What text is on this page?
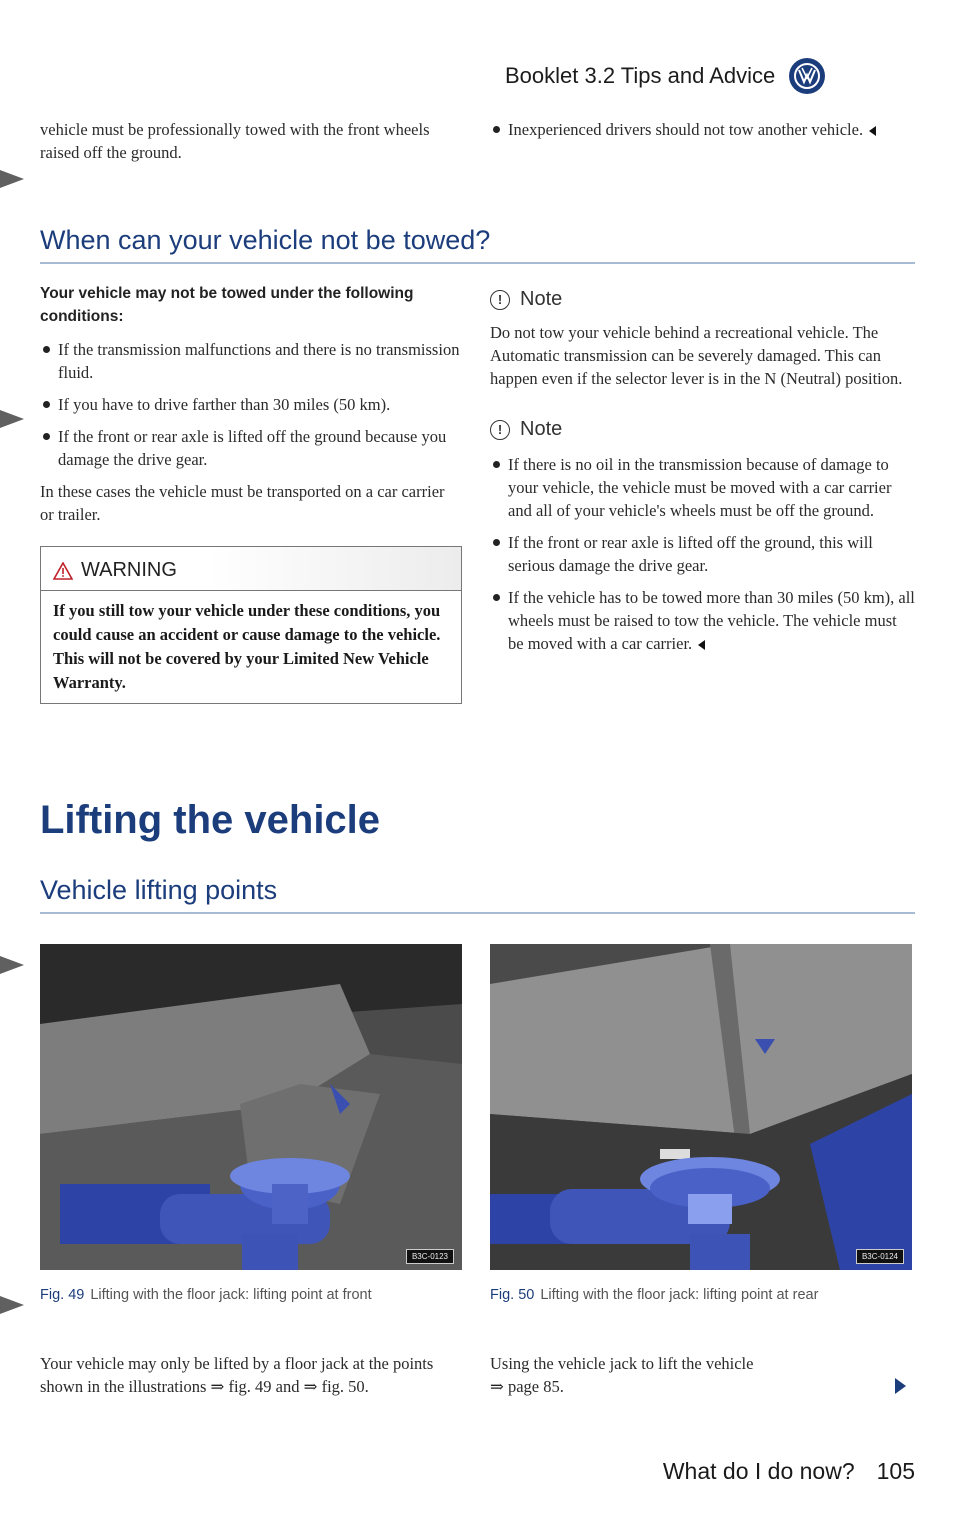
Booklet 3.2 Tips and Advice
vehicle must be professionally towed with the front wheels raised off the ground.
Inexperienced drivers should not tow another vehicle.
When can your vehicle not be towed?
Your vehicle may not be towed under the following conditions:
If the transmission malfunctions and there is no transmission fluid.
If you have to drive farther than 30 miles (50 km).
If the front or rear axle is lifted off the ground because you damage the drive gear.
In these cases the vehicle must be transported on a car carrier or trailer.
WARNING
If you still tow your vehicle under these conditions, you could cause an accident or cause damage to the vehicle. This will not be covered by your Limited New Vehicle Warranty.
! Note
Do not tow your vehicle behind a recreational vehicle. The Automatic transmission can be severely damaged. This can happen even if the selector lever is in the N (Neutral) position.
! Note
If there is no oil in the transmission because of damage to your vehicle, the vehicle must be moved with a car carrier and all of your vehicle's wheels must be off the ground.
If the front or rear axle is lifted off the ground, this will serious damage the drive gear.
If the vehicle has to be towed more than 30 miles (50 km), all wheels must be raised to tow the vehicle. The vehicle must be moved with a car carrier.
Lifting the vehicle
Vehicle lifting points
B3C-0123	B3C-0124
Fig. 49 Lifting with the floor jack: lifting point at front	Fig. 50 Lifting with the floor jack: lifting point at rear
Your vehicle may only be lifted by a floor jack at the points shown in the illustrations ⇒ fig. 49 and ⇒ fig. 50.
Using the vehicle jack to lift the vehicle
⇒ page 85.
What do I do now? 105
